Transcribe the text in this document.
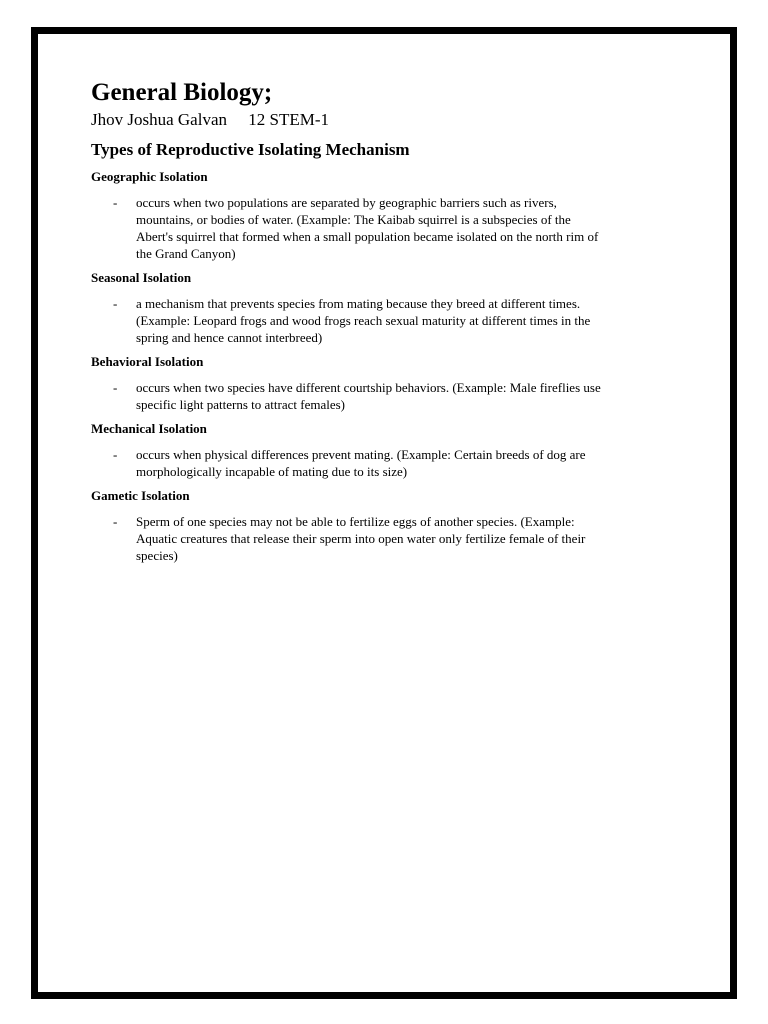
General Biology;
Jhov Joshua Galvan 12 STEM-1
Types of Reproductive Isolating Mechanism
Geographic Isolation
-	occurs when two populations are separated by geographic barriers such as rivers,
mountains, or bodies of water. (Example: The Kaibab squirrel is a subspecies of the
Abert's squirrel that formed when a small population became isolated on the north rim of
the Grand Canyon)
Seasonal Isolation
-	a mechanism that prevents species from mating because they breed at different times.
(Example: Leopard frogs and wood frogs reach sexual maturity at different times in the
spring and hence cannot interbreed)
Behavioral Isolation
-	occurs when two species have different courtship behaviors. (Example: Male fireflies use
specific light patterns to attract females)
Mechanical Isolation
-	occurs when physical differences prevent mating. (Example: Certain breeds of dog are
morphologically incapable of mating due to its size)
Gametic Isolation
-	Sperm of one species may not be able to fertilize eggs of another species. (Example:
Aquatic creatures that release their sperm into open water only fertilize female of their
species)
